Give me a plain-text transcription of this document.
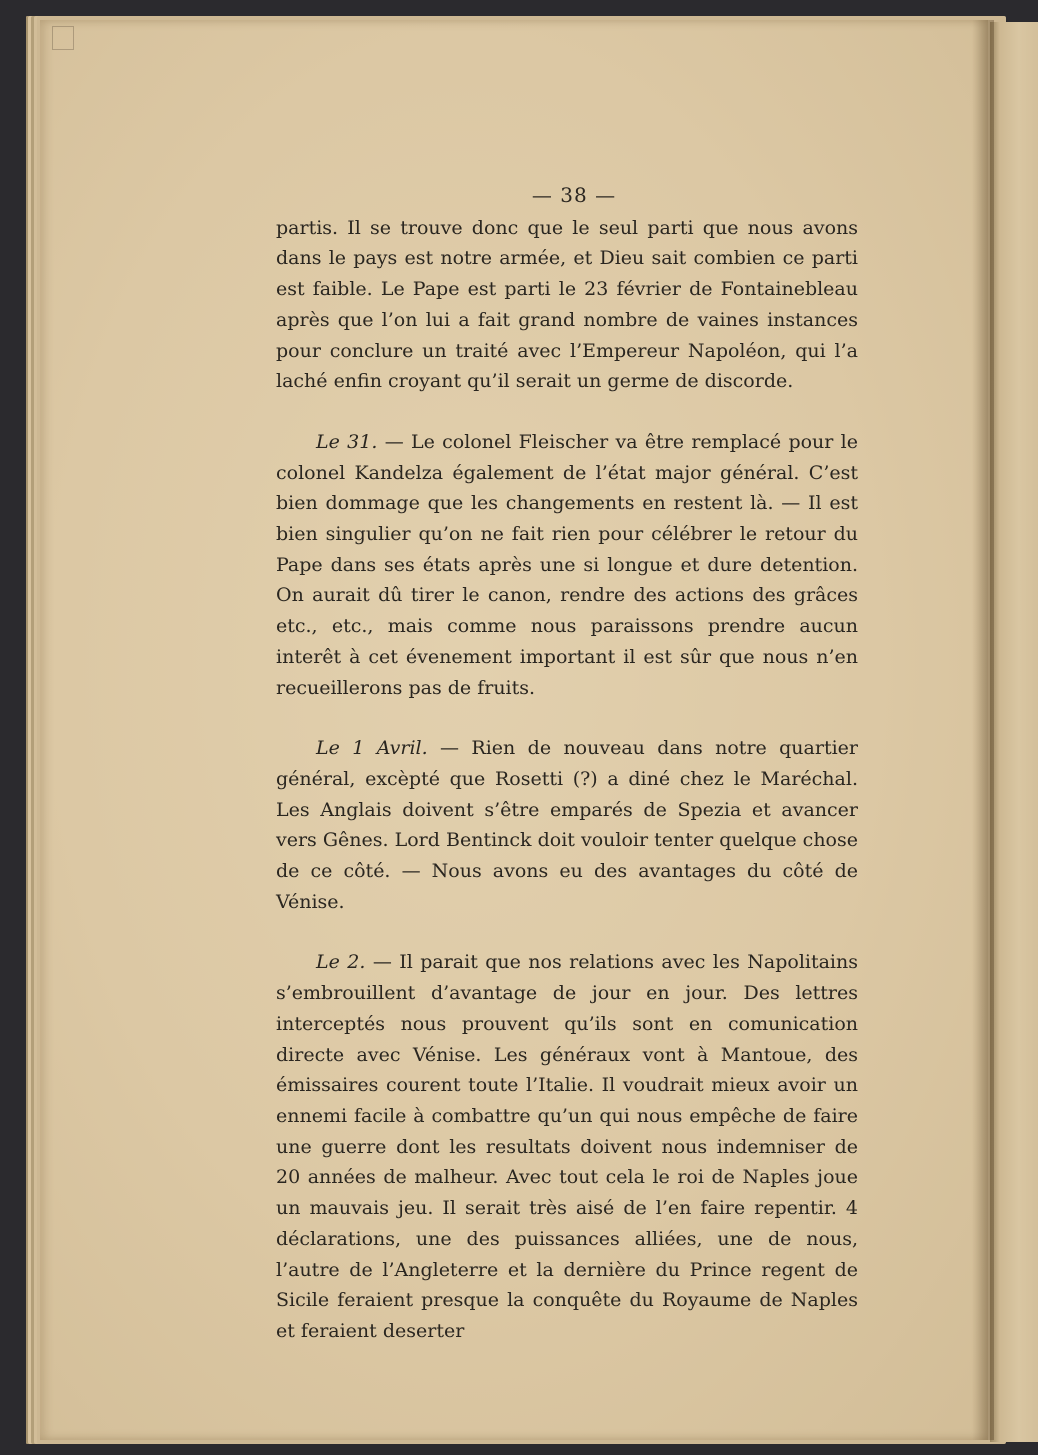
— 38 —

partis. Il se trouve donc que le seul parti que nous avons dans le pays est notre armée, et Dieu sait combien ce parti est faible. Le Pape est parti le 23 février de Fontainebleau après que l’on lui a fait grand nombre de vaines instances pour conclure un traité avec l’Empereur Napoléon, qui l’a laché enfin croyant qu’il serait un germe de discorde.

Le 31. — Le colonel Fleischer va être remplacé pour le colonel Kandelza également de l’état major général. C’est bien dommage que les changements en restent là. — Il est bien singulier qu’on ne fait rien pour célébrer le retour du Pape dans ses états après une si longue et dure detention. On aurait dû tirer le canon, rendre des actions des grâces etc., etc., mais comme nous paraissons prendre aucun interêt à cet évenement important il est sûr que nous n’en recueillerons pas de fruits.

Le 1 Avril. — Rien de nouveau dans notre quartier général, excèpté que Rosetti (?) a diné chez le Maréchal. Les Anglais doivent s’être emparés de Spezia et avancer vers Gênes. Lord Bentinck doit vouloir tenter quelque chose de ce côté. — Nous avons eu des avantages du côté de Vénise.

Le 2. — Il parait que nos relations avec les Napolitains s’embrouillent d’avantage de jour en jour. Des lettres interceptés nous prouvent qu’ils sont en comunication directe avec Vénise. Les généraux vont à Mantoue, des émissaires courent toute l’Italie. Il voudrait mieux avoir un ennemi facile à combattre qu’un qui nous empêche de faire une guerre dont les resultats doivent nous indemniser de 20 années de malheur. Avec tout cela le roi de Naples joue un mauvais jeu. Il serait très aisé de l’en faire repentir. 4 déclarations, une des puissances alliées, une de nous, l’autre de l’Angleterre et la dernière du Prince regent de Sicile feraient presque la conquête du Royaume de Naples et feraient deserter
